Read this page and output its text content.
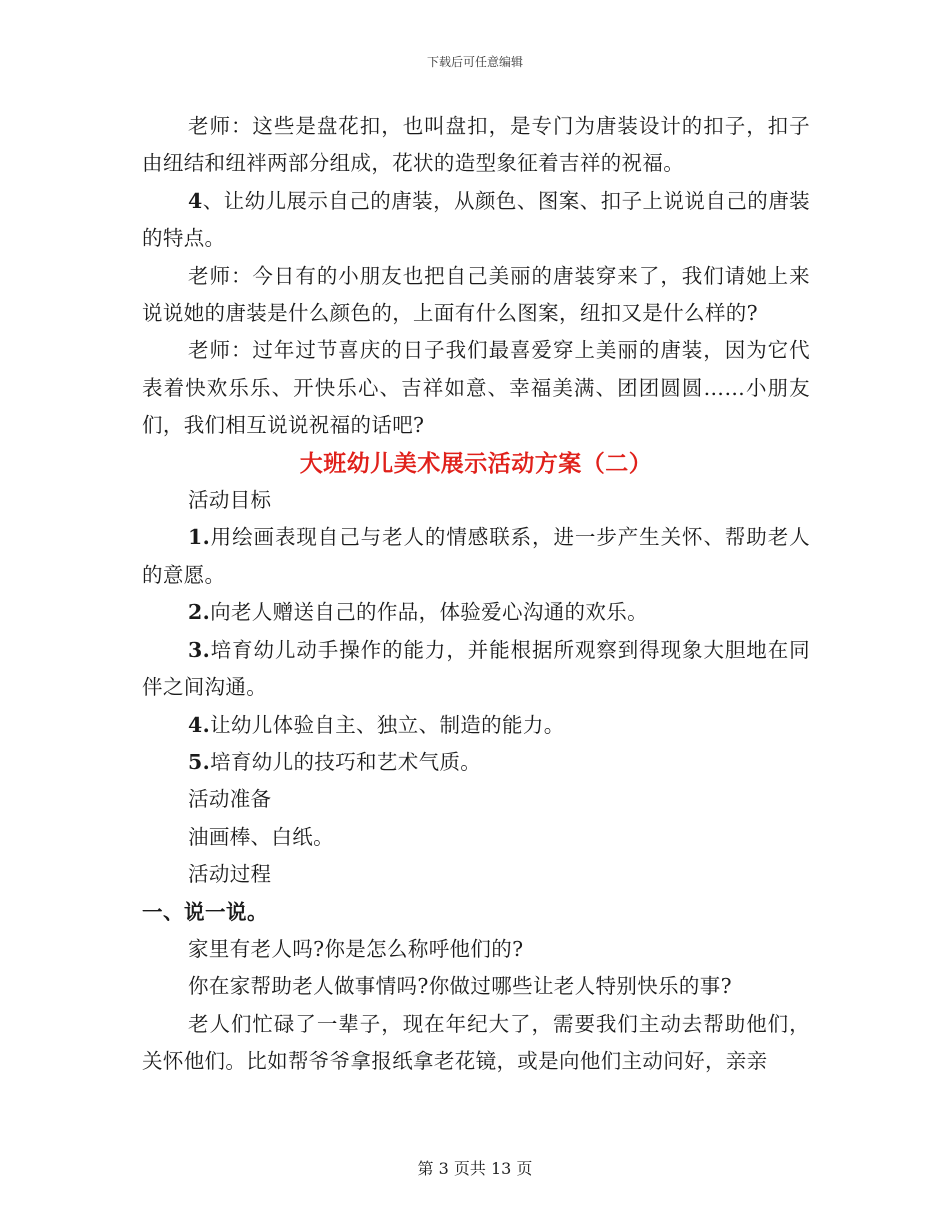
下载后可任意编辑

老师：这些是盘花扣，也叫盘扣，是专门为唐装设计的扣子，扣子由纽结和纽袢两部分组成，花状的造型象征着吉祥的祝福。

4、让幼儿展示自己的唐装，从颜色、图案、扣子上说说自己的唐装的特点。

老师：今日有的小朋友也把自己美丽的唐装穿来了，我们请她上来说说她的唐装是什么颜色的，上面有什么图案，纽扣又是什么样的?

老师：过年过节喜庆的日子我们最喜爱穿上美丽的唐装，因为它代表着快欢乐乐、开快乐心、吉祥如意、幸福美满、团团圆圆……小朋友们，我们相互说说祝福的话吧?

大班幼儿美术展示活动方案（二）

活动目标

1.用绘画表现自己与老人的情感联系，进一步产生关怀、帮助老人的意愿。

2.向老人赠送自己的作品，体验爱心沟通的欢乐。

3.培育幼儿动手操作的能力，并能根据所观察到得现象大胆地在同伴之间沟通。

4.让幼儿体验自主、独立、制造的能力。

5.培育幼儿的技巧和艺术气质。

活动准备

油画棒、白纸。

活动过程

一、说一说。

家里有老人吗?你是怎么称呼他们的?

你在家帮助老人做事情吗?你做过哪些让老人特别快乐的事?

老人们忙碌了一辈子，现在年纪大了，需要我们主动去帮助他们，关怀他们。比如帮爷爷拿报纸拿老花镜，或是向他们主动问好，亲亲

第 3 页共 13 页
